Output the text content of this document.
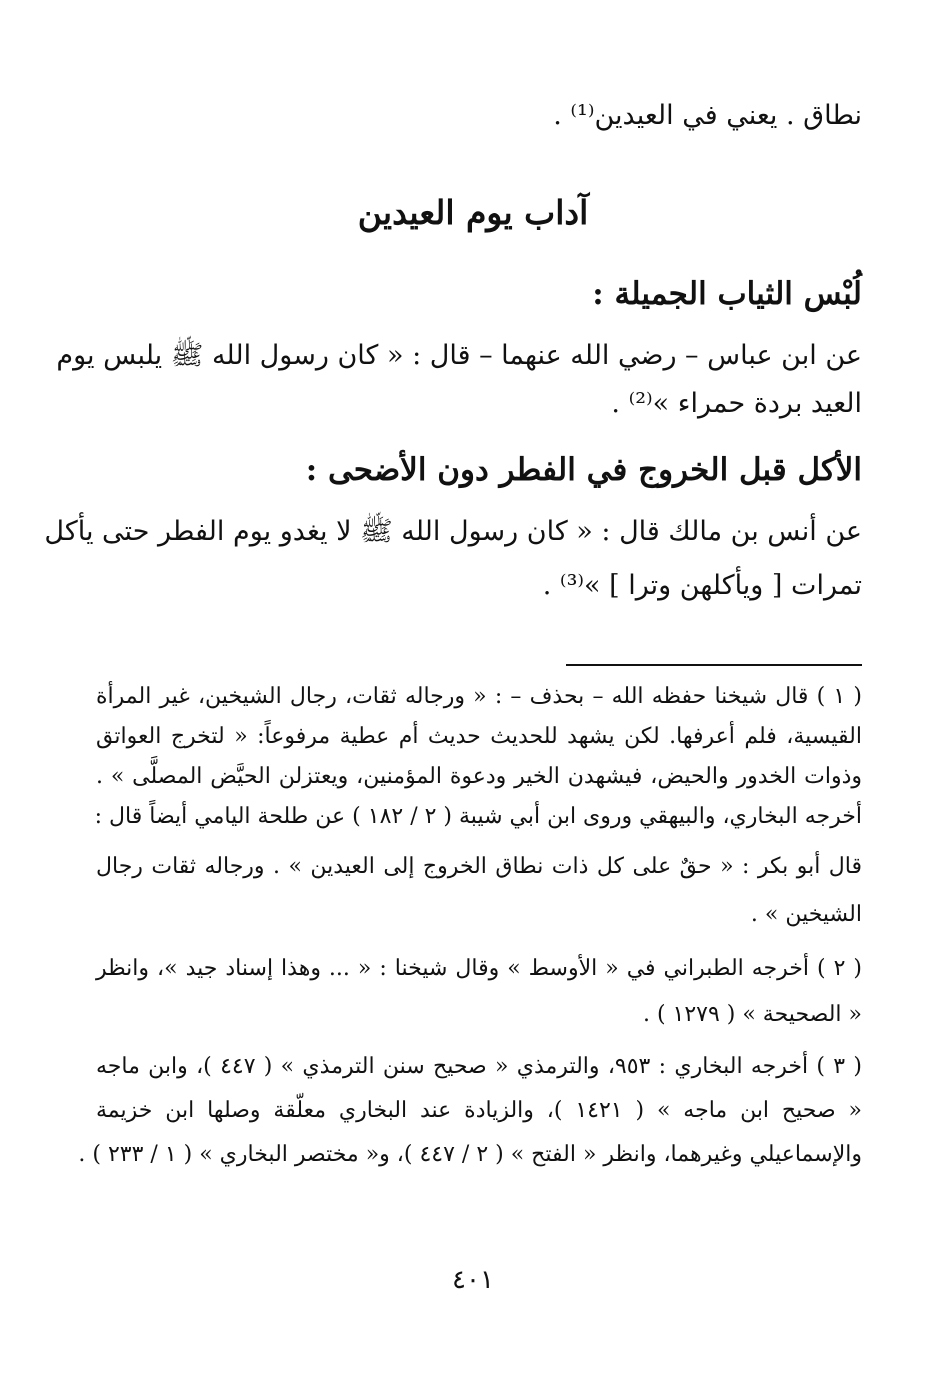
نطاق . يعني في العيدين⁽¹⁾ .
آداب يوم العيدين
لُبْس الثياب الجميلة :
عن ابن عباس – رضي الله عنهما – قال : « كان رسول الله ﷺ يلبس يوم
العيد بردة حمراء »⁽²⁾ .
الأكل قبل الخروج في الفطر دون الأضحى :
عن أنس بن مالك قال : « كان رسول الله ﷺ لا يغدو يوم الفطر حتى يأكل
تمرات [ ويأكلهن وترا ] »⁽³⁾ .
( ١ ) قال شيخنا حفظه الله – بحذف – : « ورجاله ثقات، رجال الشيخين، غير المرأة
القيسية، فلم أعرفها. لكن يشهد للحديث حديث أم عطية مرفوعاً: « لتخرج العواتق
وذوات الخدور والحيض، فيشهدن الخير ودعوة المؤمنين، ويعتزلن الحيَّض المصلَّى » .
أخرجه البخاري، والبيهقي وروى ابن أبي شيبة ( ٢ / ١٨٢ ) عن طلحة اليامي أيضاً قال :
قال أبو بكر : « حقٌ على كل ذات نطاق الخروج إلى العيدين » . ورجاله ثقات رجال
الشيخين » .
( ٢ ) أخرجه الطبراني في « الأوسط » وقال شيخنا : « ... وهذا إسناد جيد »، وانظر
« الصحيحة » ( ١٢٧٩ ) .
( ٣ ) أخرجه البخاري : ٩٥٣، والترمذي « صحيح سنن الترمذي » ( ٤٤٧ )، وابن ماجه
« صحيح ابن ماجه » ( ١٤٢١ )، والزيادة عند البخاري معلّقة وصلها ابن خزيمة
والإسماعيلي وغيرهما، وانظر « الفتح » ( ٢ / ٤٤٧ )، و« مختصر البخاري » ( ١ / ٢٣٣ ) .
٤٠١
